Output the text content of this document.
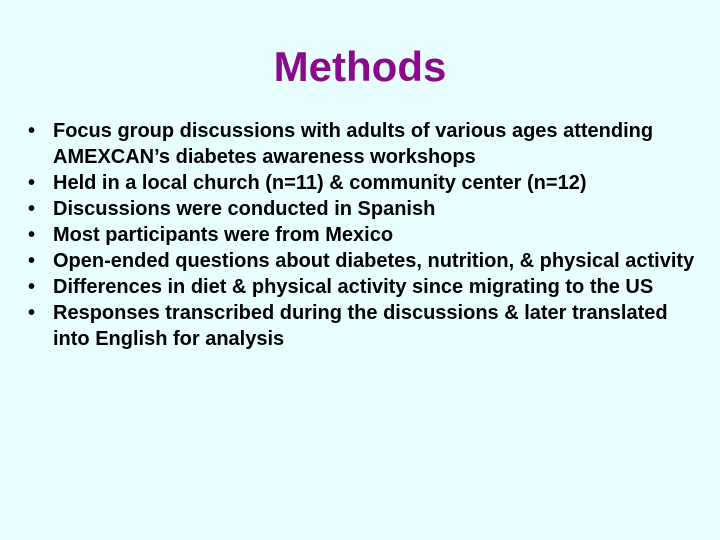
Methods
• Focus group discussions with adults of various ages attending AMEXCAN’s diabetes awareness workshops
• Held in a local church (n=11) & community center (n=12)
• Discussions were conducted in Spanish
• Most participants were from Mexico
• Open-ended questions about diabetes, nutrition, & physical activity
• Differences in diet & physical activity since migrating to the US
• Responses transcribed during the discussions & later translated into English for analysis
